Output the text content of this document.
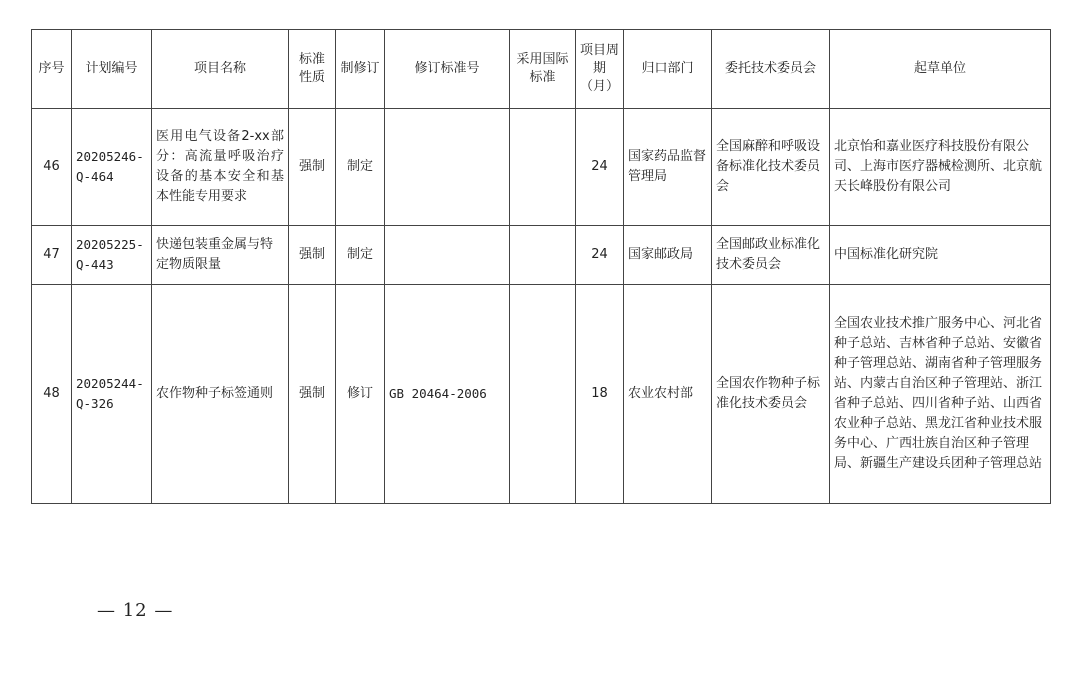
序号	计划编号	项目名称	标准性质	制修订	修订标准号	采用国际标准	项目周期（月）	归口部门	委托技术委员会	起草单位
46	20205246-Q-464	医用电气设备2-xx部分：高流量呼吸治疗设备的基本安全和基本性能专用要求	强制	制定			24	国家药品监督管理局	全国麻醉和呼吸设备标准化技术委员会	北京怡和嘉业医疗科技股份有限公司、上海市医疗器械检测所、北京航天长峰股份有限公司
47	20205225-Q-443	快递包装重金属与特定物质限量	强制	制定			24	国家邮政局	全国邮政业标准化技术委员会	中国标准化研究院
48	20205244-Q-326	农作物种子标签通则	强制	修订	GB 20464-2006		18	农业农村部	全国农作物种子标准化技术委员会	全国农业技术推广服务中心、河北省种子总站、吉林省种子总站、安徽省种子管理总站、湖南省种子管理服务站、内蒙古自治区种子管理站、浙江省种子总站、四川省种子站、山西省农业种子总站、黑龙江省种业技术服务中心、广西壮族自治区种子管理局、新疆生产建设兵团种子管理总站
— 12 —
